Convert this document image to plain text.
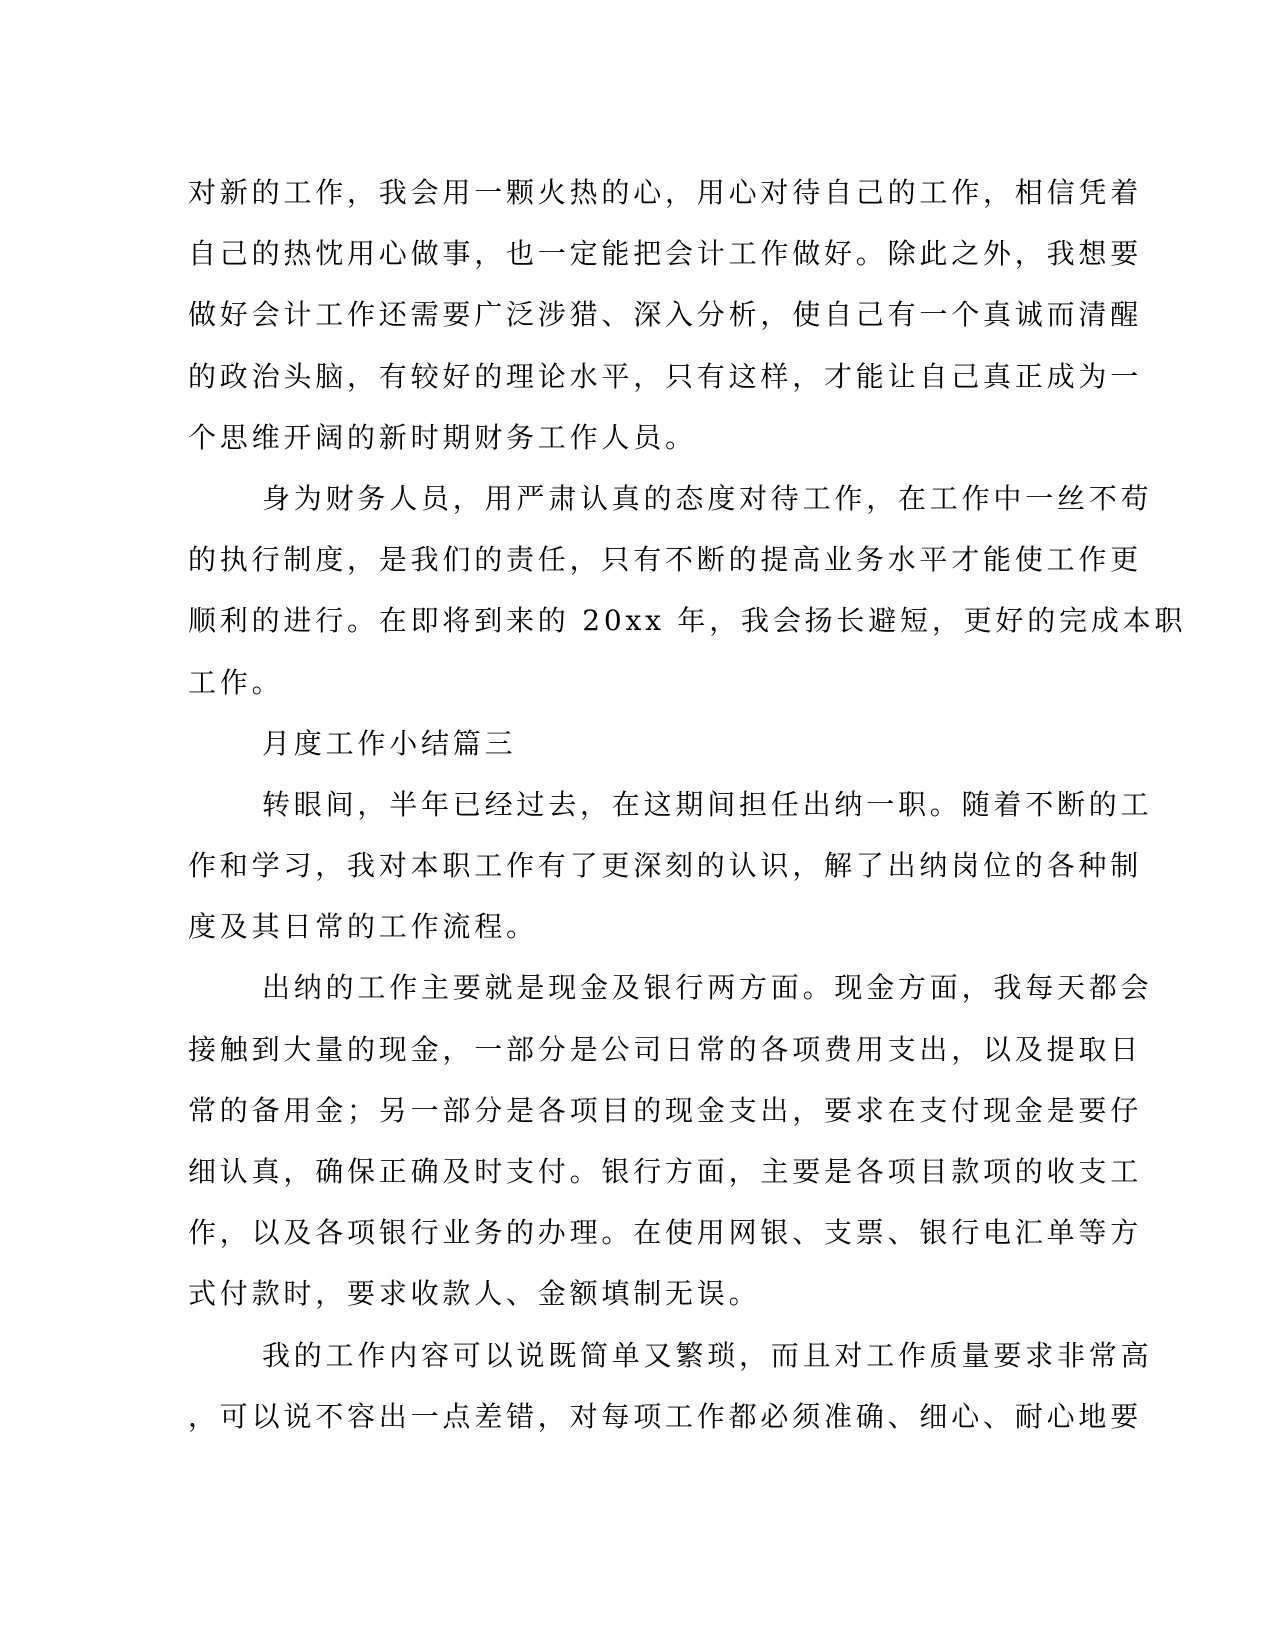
对新的工作，我会用一颗火热的心，用心对待自己的工作，相信凭着
自己的热忱用心做事，也一定能把会计工作做好。除此之外，我想要
做好会计工作还需要广泛涉猎、深入分析，使自己有一个真诚而清醒
的政治头脑，有较好的理论水平，只有这样，才能让自己真正成为一
个思维开阔的新时期财务工作人员。
身为财务人员，用严肃认真的态度对待工作，在工作中一丝不苟
的执行制度，是我们的责任，只有不断的提高业务水平才能使工作更
顺利的进行。在即将到来的 20xx 年，我会扬长避短，更好的完成本职
工作。
月度工作小结篇三
转眼间，半年已经过去，在这期间担任出纳一职。随着不断的工
作和学习，我对本职工作有了更深刻的认识，解了出纳岗位的各种制
度及其日常的工作流程。
出纳的工作主要就是现金及银行两方面。现金方面，我每天都会
接触到大量的现金，一部分是公司日常的各项费用支出，以及提取日
常的备用金；另一部分是各项目的现金支出，要求在支付现金是要仔
细认真，确保正确及时支付。银行方面，主要是各项目款项的收支工
作，以及各项银行业务的办理。在使用网银、支票、银行电汇单等方
式付款时，要求收款人、金额填制无误。
我的工作内容可以说既简单又繁琐，而且对工作质量要求非常高
，可以说不容出一点差错，对每项工作都必须准确、细心、耐心地要
